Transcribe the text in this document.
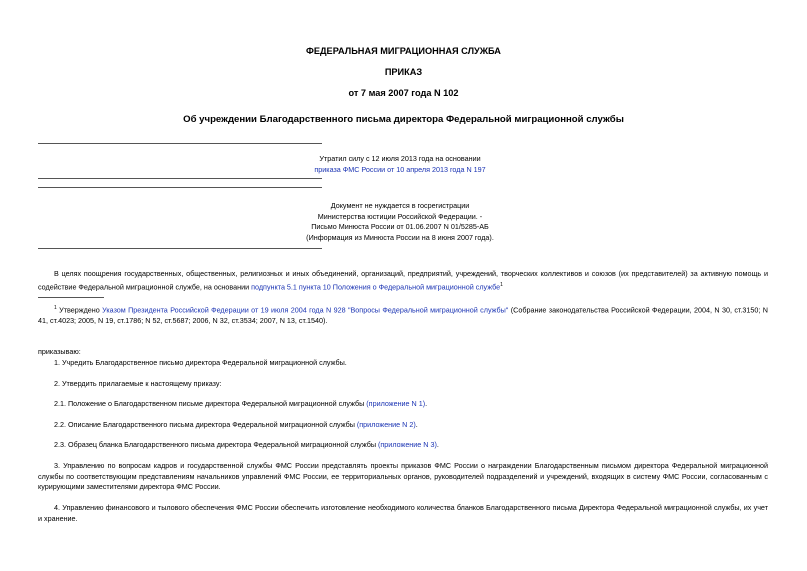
ФЕДЕРАЛЬНАЯ МИГРАЦИОННАЯ СЛУЖБА
ПРИКАЗ
от 7 мая 2007 года N 102
Об учреждении Благодарственного письма директора Федеральной миграционной службы
Утратил силу с 12 июля 2013 года на основании
приказа ФМС России от 10 апреля 2013 года N 197
Документ не нуждается в госрегистрации
Министерства юстиции Российской Федерации. -
Письмо Минюста России от 01.06.2007 N 01/5285-АБ
(Информация из Минюста России на 8 июня 2007 года).

В целях поощрения государственных, общественных, религиозных и иных объединений, организаций, предприятий, учреждений, творческих коллективов и союзов (их представителей) за активную помощь и содействие Федеральной миграционной службе, на основании подпункта 5.1 пункта 10 Положения о Федеральной миграционной службе$^1$

$^1$ Утверждено Указом Президента Российской Федерации от 19 июля 2004 года N 928 "Вопросы Федеральной миграционной службы" (Собрание законодательства Российской Федерации, 2004, N 30, ст.3150; N 41, ст.4023; 2005, N 19, ст.1786; N 52, ст.5687; 2006, N 32, ст.3534; 2007, N 13, ст.1540).

приказываю:
1. Учредить Благодарственное письмо директора Федеральной миграционной службы.
2. Утвердить прилагаемые к настоящему приказу:
2.1. Положение о Благодарственном письме директора Федеральной миграционной службы (приложение N 1).
2.2. Описание Благодарственного письма директора Федеральной миграционной службы (приложение N 2).
2.3. Образец бланка Благодарственного письма директора Федеральной миграционной службы (приложение N 3).

3. Управлению по вопросам кадров и государственной службы ФМС России представлять проекты приказов ФМС России о награждении Благодарственным письмом директора Федеральной миграционной службы по соответствующим представлениям начальников управлений ФМС России, ее территориальных органов, руководителей подразделений и учреждений, входящих в систему ФМС России, согласованным с курирующими заместителями директора ФМС России.

4. Управлению финансового и тылового обеспечения ФМС России обеспечить изготовление необходимого количества бланков Благодарственного письма Директора Федеральной миграционной службы, их учет и хранение.
